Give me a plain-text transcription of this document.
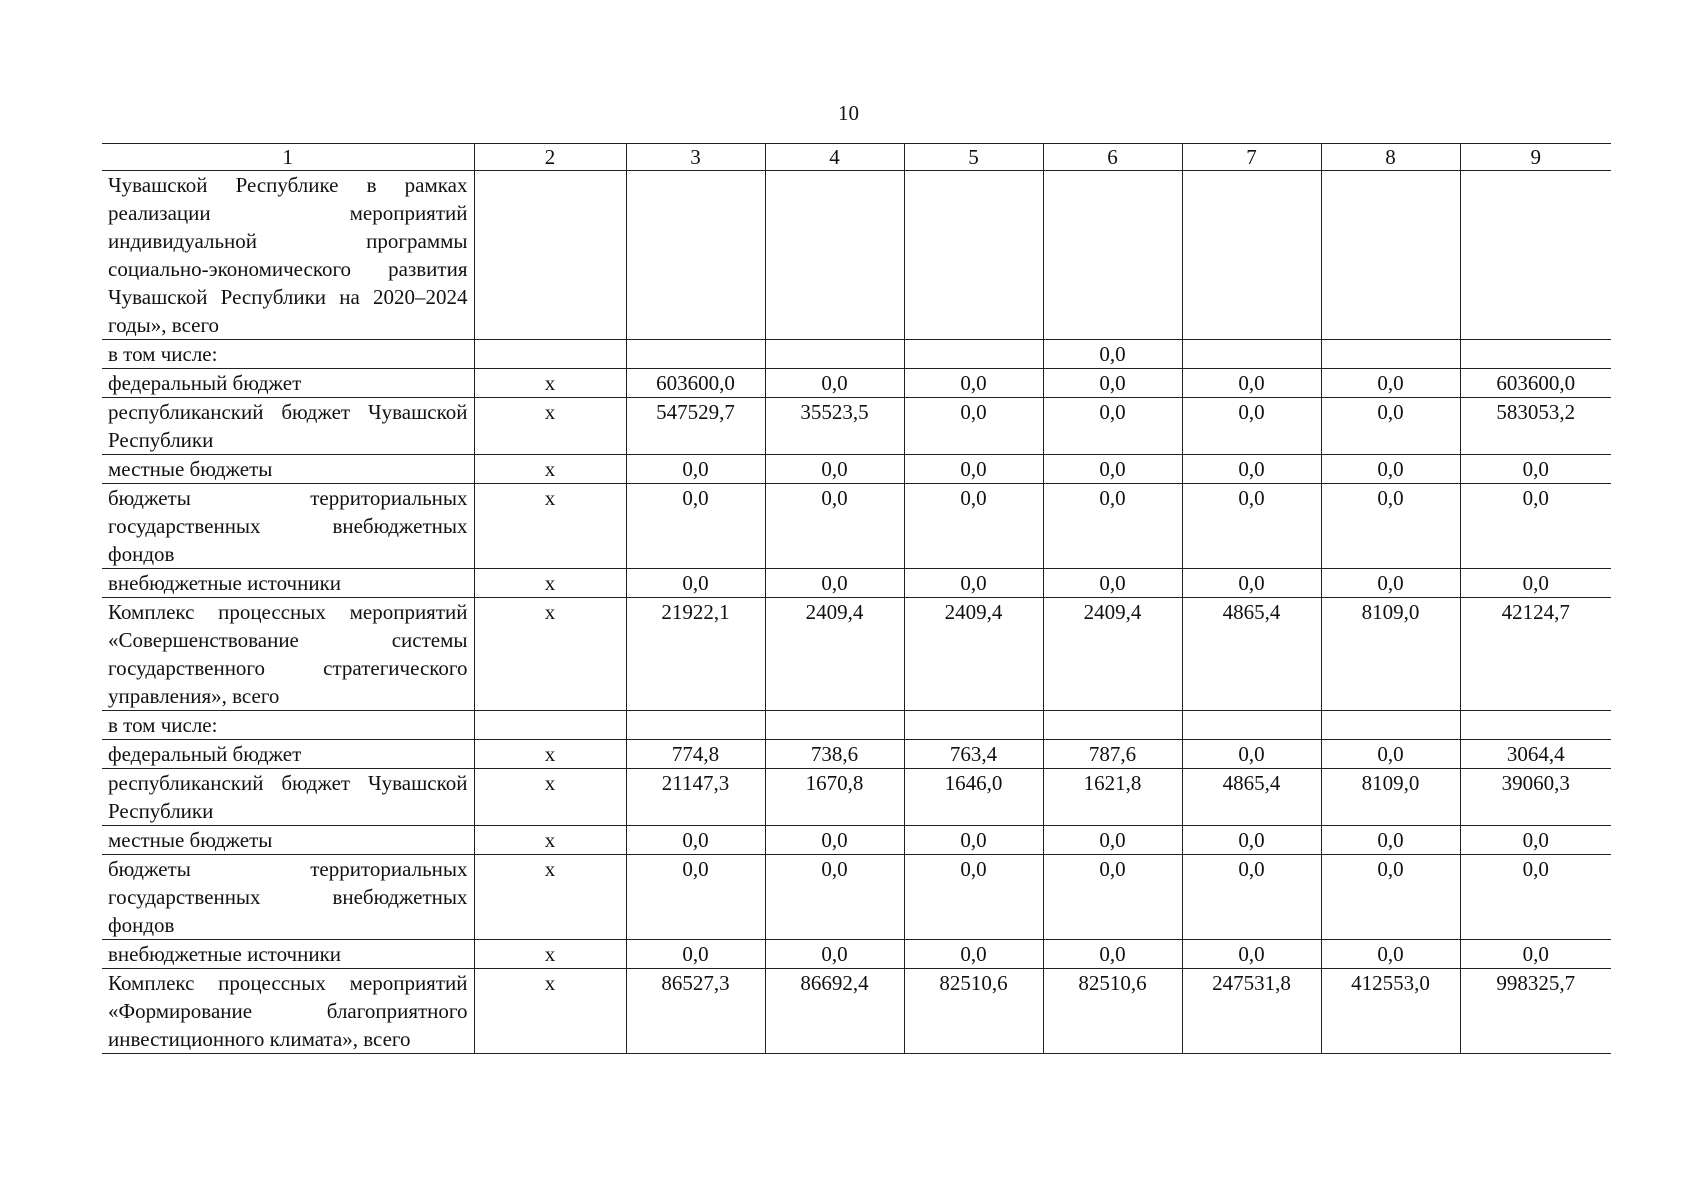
10
1	2	3	4	5	6	7	8	9
Чувашской Республике в рамках реализации мероприятий индивидуальной программы социально-экономического развития Чувашской Республики на 2020–2024 годы», всего								
в том числе:					0,0			
федеральный бюджет	x	603600,0	0,0	0,0	0,0	0,0	0,0	603600,0
республиканский бюджет Чувашской Республики	x	547529,7	35523,5	0,0	0,0	0,0	0,0	583053,2
местные бюджеты	x	0,0	0,0	0,0	0,0	0,0	0,0	0,0
бюджеты территориальных государственных внебюджетных фондов	x	0,0	0,0	0,0	0,0	0,0	0,0	0,0
внебюджетные источники	x	0,0	0,0	0,0	0,0	0,0	0,0	0,0
Комплекс процессных мероприятий «Совершенствование системы государственного стратегического управления», всего	x	21922,1	2409,4	2409,4	2409,4	4865,4	8109,0	42124,7
в том числе:								
федеральный бюджет	x	774,8	738,6	763,4	787,6	0,0	0,0	3064,4
республиканский бюджет Чувашской Республики	x	21147,3	1670,8	1646,0	1621,8	4865,4	8109,0	39060,3
местные бюджеты	x	0,0	0,0	0,0	0,0	0,0	0,0	0,0
бюджеты территориальных государственных внебюджетных фондов	x	0,0	0,0	0,0	0,0	0,0	0,0	0,0
внебюджетные источники	x	0,0	0,0	0,0	0,0	0,0	0,0	0,0
Комплекс процессных мероприятий «Формирование благоприятного инвестиционного климата», всего	x	86527,3	86692,4	82510,6	82510,6	247531,8	412553,0	998325,7
